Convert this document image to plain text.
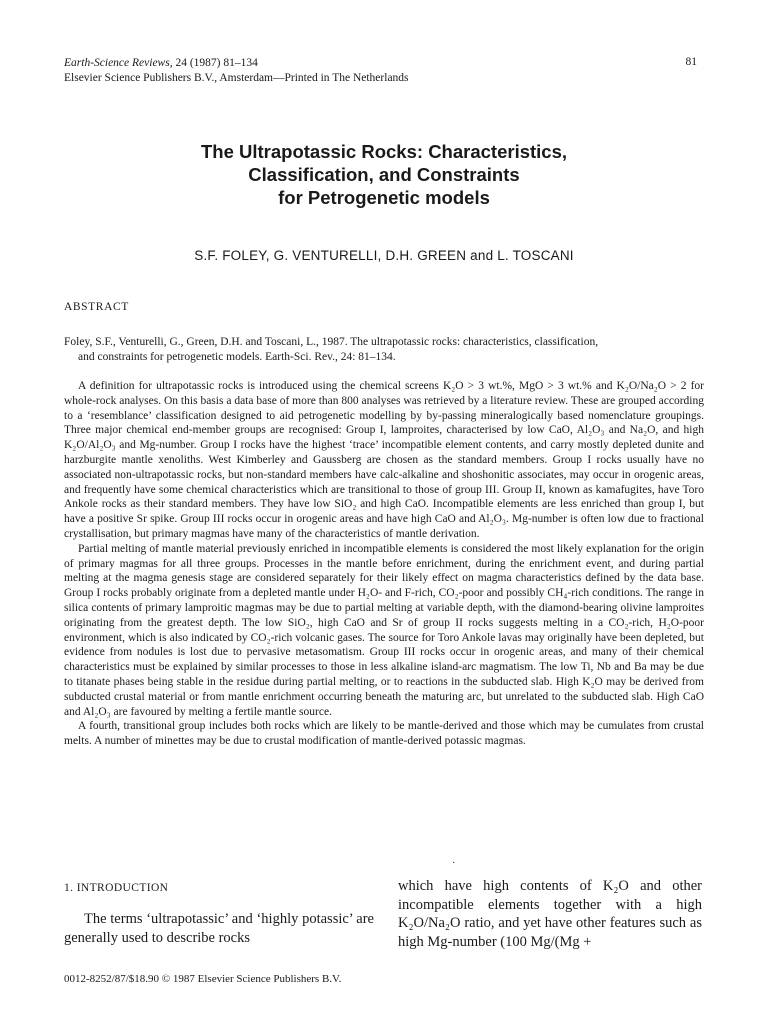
Earth-Science Reviews, 24 (1987) 81–134
Elsevier Science Publishers B.V., Amsterdam—Printed in The Netherlands
81
The Ultrapotassic Rocks: Characteristics,
Classification, and Constraints
for Petrogenetic models
S.F. FOLEY, G. VENTURELLI, D.H. GREEN and L. TOSCANI
ABSTRACT
Foley, S.F., Venturelli, G., Green, D.H. and Toscani, L., 1987. The ultrapotassic rocks: characteristics, classification,
and constraints for petrogenetic models. Earth-Sci. Rev., 24: 81–134.

A definition for ultrapotassic rocks is introduced using the chemical screens K₂O > 3 wt.%, MgO > 3 wt.% and K₂O/Na₂O > 2 for whole-rock analyses. On this basis a data base of more than 800 analyses was retrieved by a literature review. These are grouped according to a ‘resemblance’ classification designed to aid petrogenetic modelling by by-passing mineralogically based nomenclature groupings. Three major chemical end-member groups are recognised: Group I, lamproites, characterised by low CaO, Al₂O₃ and Na₂O, and high K₂O/Al₂O₃ and Mg-number. Group I rocks have the highest ‘trace’ incompatible element contents, and carry mostly depleted dunite and harzburgite mantle xenoliths. West Kimberley and Gaussberg are chosen as the standard members. Group I rocks usually have no associated non-ultrapotassic rocks, but non-standard members have calc-alkaline and shoshonitic associates, may occur in orogenic areas, and frequently have some chemical characteristics which are transitional to those of group III. Group II, known as kamafugites, have Toro Ankole rocks as their standard members. They have low SiO₂ and high CaO. Incompatible elements are less enriched than group I, but have a positive Sr spike. Group III rocks occur in orogenic areas and have high CaO and Al₂O₃. Mg-number is often low due to fractional crystallisation, but primary magmas have many of the characteristics of mantle derivation.

Partial melting of mantle material previously enriched in incompatible elements is considered the most likely explanation for the origin of primary magmas for all three groups. Processes in the mantle before enrichment, during the enrichment event, and during partial melting at the magma genesis stage are considered separately for their likely effect on magma characteristics defined by the data base. Group I rocks probably originate from a depleted mantle under H₂O- and F-rich, CO₂-poor and possibly CH₄-rich conditions. The range in silica contents of primary lamproitic magmas may be due to partial melting at variable depth, with the diamond-bearing olivine lamproites originating from the greatest depth. The low SiO₂, high CaO and Sr of group II rocks suggests melting in a CO₂-rich, H₂O-poor environment, which is also indicated by CO₂-rich volcanic gases. The source for Toro Ankole lavas may originally have been depleted, but evidence from nodules is lost due to pervasive metasomatism. Group III rocks occur in orogenic areas, and many of their chemical characteristics must be explained by similar processes to those in less alkaline island-arc magmatism. The low Ti, Nb and Ba may be due to titanate phases being stable in the residue during partial melting, or to reactions in the subducted slab. High K₂O may be derived from subducted crustal material or from mantle enrichment occurring beneath the maturing arc, but unrelated to the subducted slab. High CaO and Al₂O₃ are favoured by melting a fertile mantle source.

A fourth, transitional group includes both rocks which are likely to be mantle-derived and those which may be cumulates from crustal melts. A number of minettes may be due to crustal modification of mantle-derived potassic magmas.

·
1. INTRODUCTION
The terms ‘ultrapotassic’ and ‘highly potassic’ are generally used to describe rocks
which have high contents of K₂O and other incompatible elements together with a high K₂O/Na₂O ratio, and yet have other features such as high Mg-number (100 Mg/(Mg +
0012-8252/87/$18.90 © 1987 Elsevier Science Publishers B.V.
